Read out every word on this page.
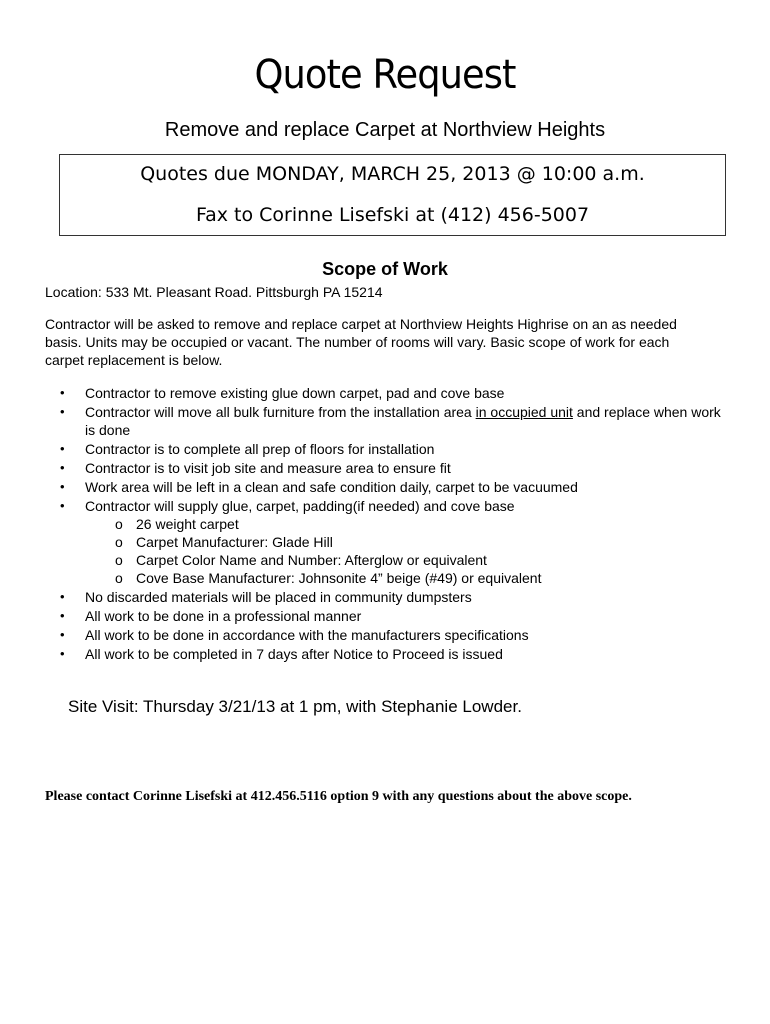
Quote Request
Remove and replace Carpet at Northview Heights
Quotes due MONDAY, MARCH 25, 2013 @ 10:00 a.m.
Fax to Corinne Lisefski at (412) 456-5007
Scope of Work
Location: 533 Mt. Pleasant Road. Pittsburgh PA 15214
Contractor will be asked to remove and replace carpet at Northview Heights Highrise on an as needed basis. Units may be occupied or vacant. The number of rooms will vary. Basic scope of work for each carpet replacement is below.
• Contractor to remove existing glue down carpet, pad and cove base
• Contractor will move all bulk furniture from the installation area in occupied unit and replace when work is done
• Contractor is to complete all prep of floors for installation
• Contractor is to visit job site and measure area to ensure fit
• Work area will be left in a clean and safe condition daily, carpet to be vacuumed
• Contractor will supply glue, carpet, padding(if needed) and cove base
o 26 weight carpet
o Carpet Manufacturer: Glade Hill
o Carpet Color Name and Number: Afterglow or equivalent
o Cove Base Manufacturer: Johnsonite 4” beige (#49) or equivalent
• No discarded materials will be placed in community dumpsters
• All work to be done in a professional manner
• All work to be done in accordance with the manufacturers specifications
• All work to be completed in 7 days after Notice to Proceed is issued
Site Visit: Thursday 3/21/13 at 1 pm, with Stephanie Lowder.
Please contact Corinne Lisefski at 412.456.5116 option 9 with any questions about the above scope.
